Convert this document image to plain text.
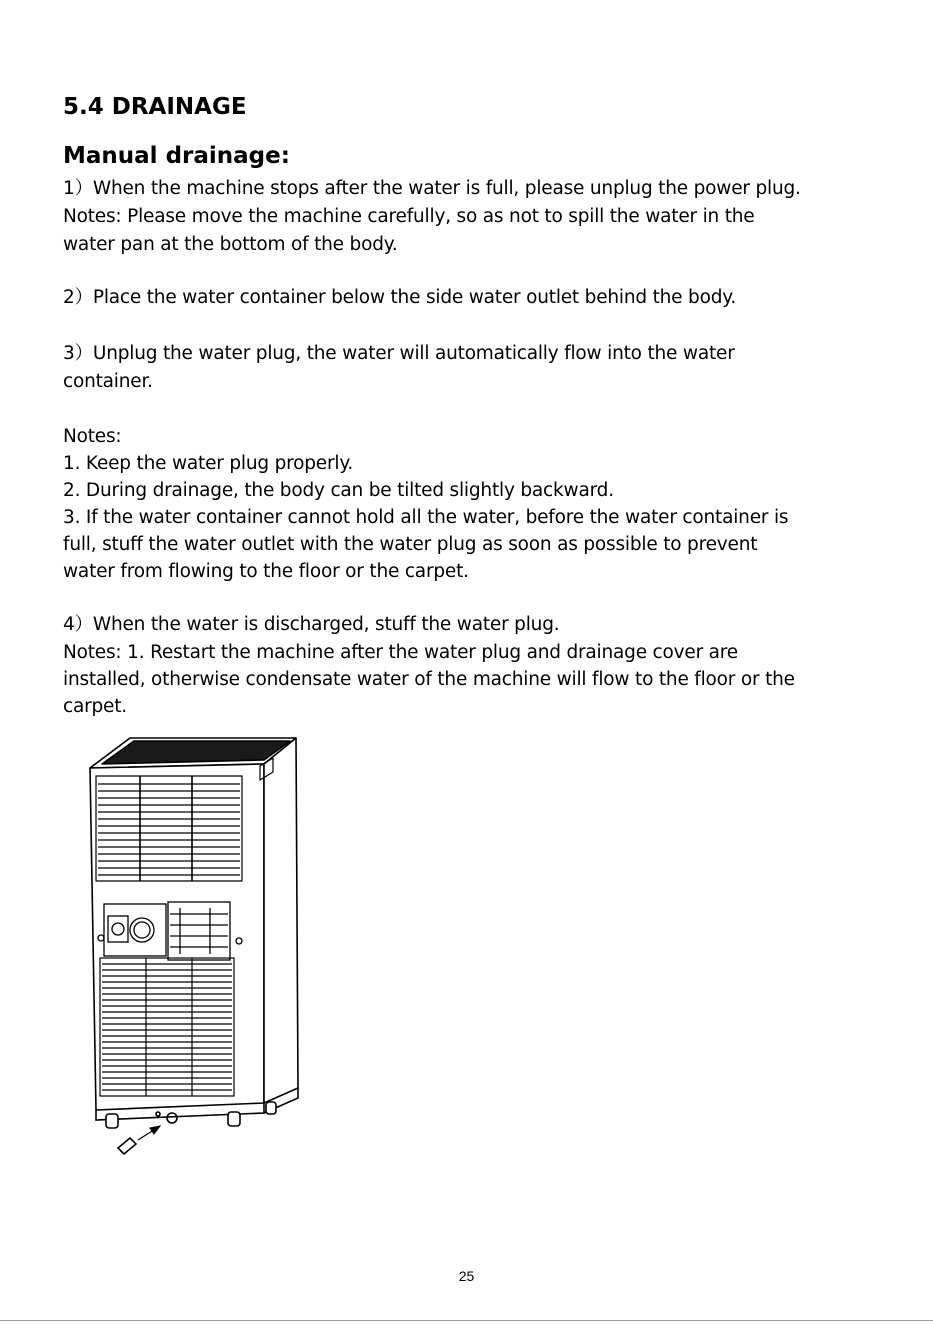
5.4 DRAINAGE
Manual drainage:
1）When the machine stops after the water is full, please unplug the power plug.
Notes: Please move the machine carefully, so as not to spill the water in the
water pan at the bottom of the body.
2）Place the water container below the side water outlet behind the body.
3）Unplug the water plug, the water will automatically flow into the water
container.
Notes:
1. Keep the water plug properly.
2. During drainage, the body can be tilted slightly backward.
3. If the water container cannot hold all the water, before the water container is
full, stuff the water outlet with the water plug as soon as possible to prevent
water from flowing to the floor or the carpet.
4）When the water is discharged, stuff the water plug.
Notes: 1. Restart the machine after the water plug and drainage cover are
installed, otherwise condensate water of the machine will flow to the floor or the
carpet.
25
